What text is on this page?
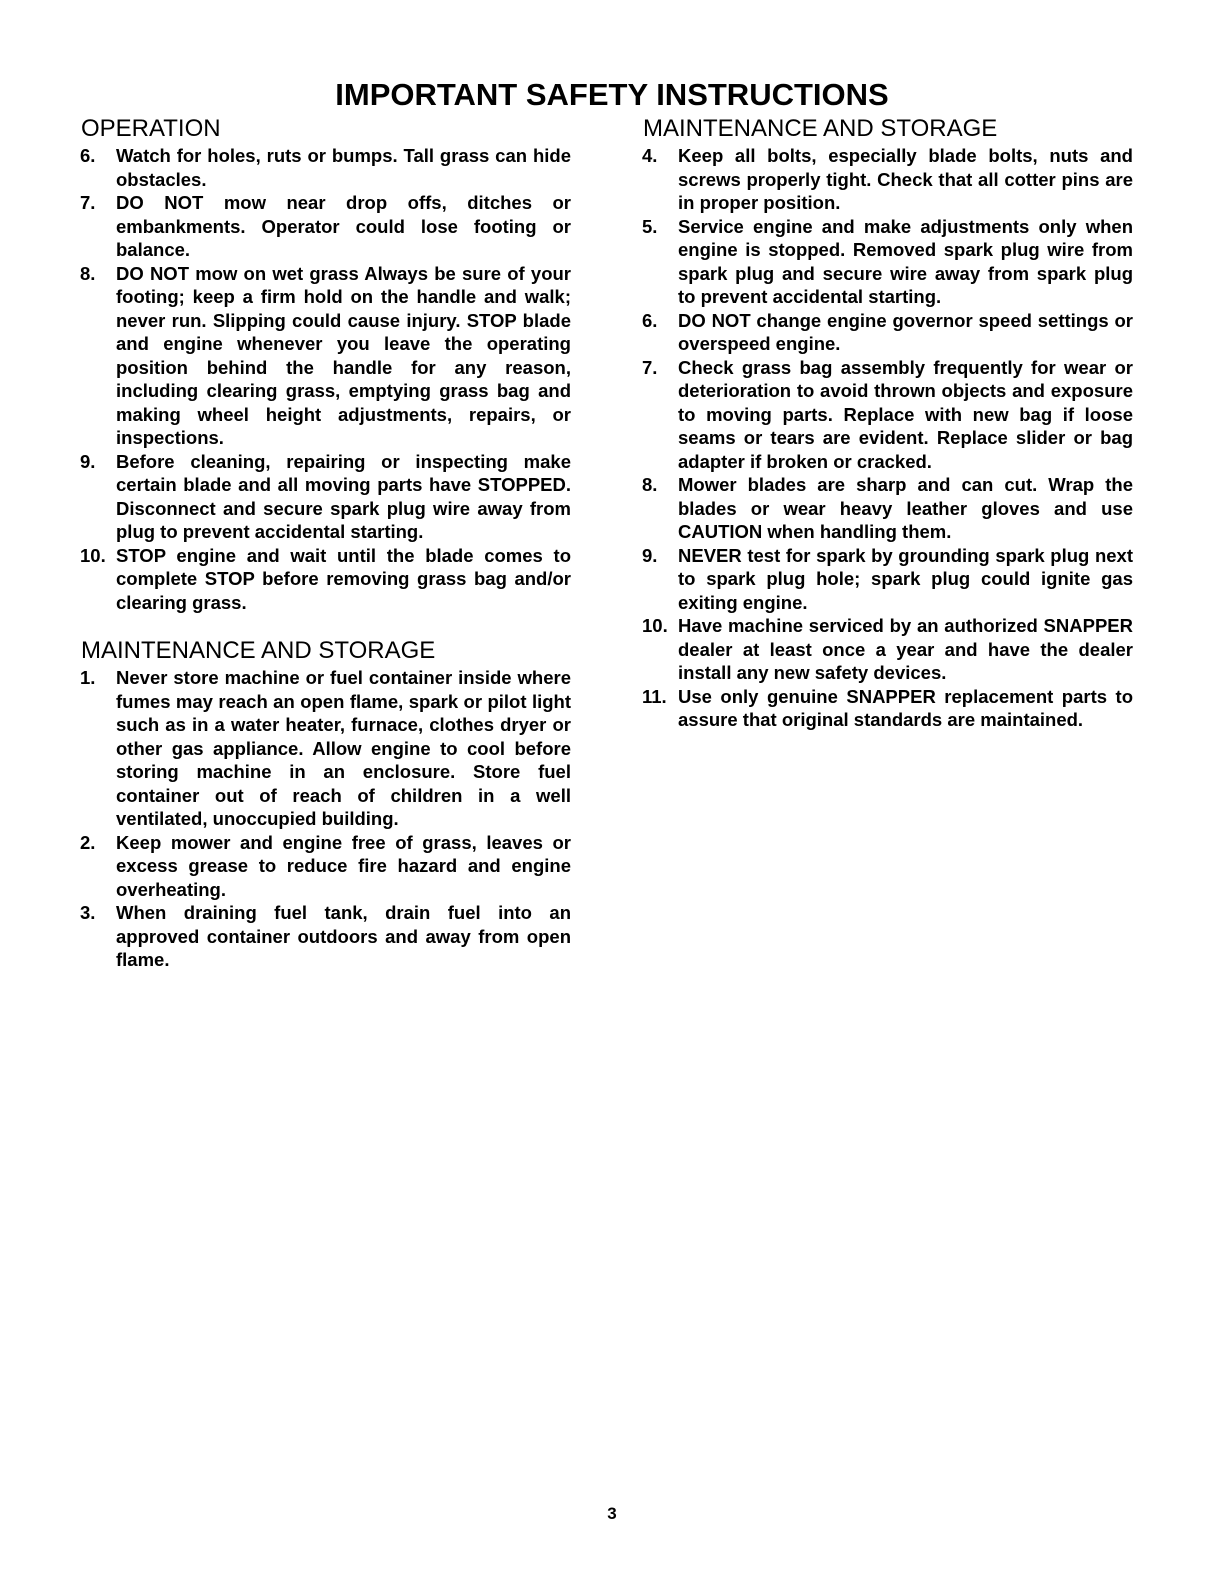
IMPORTANT SAFETY INSTRUCTIONS
OPERATION
6. Watch for holes, ruts or bumps. Tall grass can hide obstacles.
7. DO NOT mow near drop offs, ditches or embankments. Operator could lose footing or balance.
8. DO NOT mow on wet grass Always be sure of your footing; keep a firm hold on the handle and walk; never run. Slipping could cause injury. STOP blade and engine whenever you leave the operating position behind the handle for any reason, including clearing grass, emptying grass bag and making wheel height adjustments, repairs, or inspections.
9. Before cleaning, repairing or inspecting make certain blade and all moving parts have STOPPED. Disconnect and secure spark plug wire away from plug to prevent accidental starting.
10. STOP engine and wait until the blade comes to complete STOP before removing grass bag and/or clearing grass.
MAINTENANCE AND STORAGE
1. Never store machine or fuel container inside where fumes may reach an open flame, spark or pilot light such as in a water heater, furnace, clothes dryer or other gas appliance. Allow engine to cool before storing machine in an enclosure. Store fuel container out of reach of children in a well ventilated, unoccupied building.
2. Keep mower and engine free of grass, leaves or excess grease to reduce fire hazard and engine overheating.
3. When draining fuel tank, drain fuel into an approved container outdoors and away from open flame.
MAINTENANCE AND STORAGE
4. Keep all bolts, especially blade bolts, nuts and screws properly tight. Check that all cotter pins are in proper position.
5. Service engine and make adjustments only when engine is stopped. Removed spark plug wire from spark plug and secure wire away from spark plug to prevent accidental starting.
6. DO NOT change engine governor speed settings or overspeed engine.
7. Check grass bag assembly frequently for wear or deterioration to avoid thrown objects and exposure to moving parts. Replace with new bag if loose seams or tears are evident. Replace slider or bag adapter if broken or cracked.
8. Mower blades are sharp and can cut. Wrap the blades or wear heavy leather gloves and use CAUTION when handling them.
9. NEVER test for spark by grounding spark plug next to spark plug hole; spark plug could ignite gas exiting engine.
10. Have machine serviced by an authorized SNAPPER dealer at least once a year and have the dealer install any new safety devices.
11. Use only genuine SNAPPER replacement parts to assure that original standards are maintained.
3
